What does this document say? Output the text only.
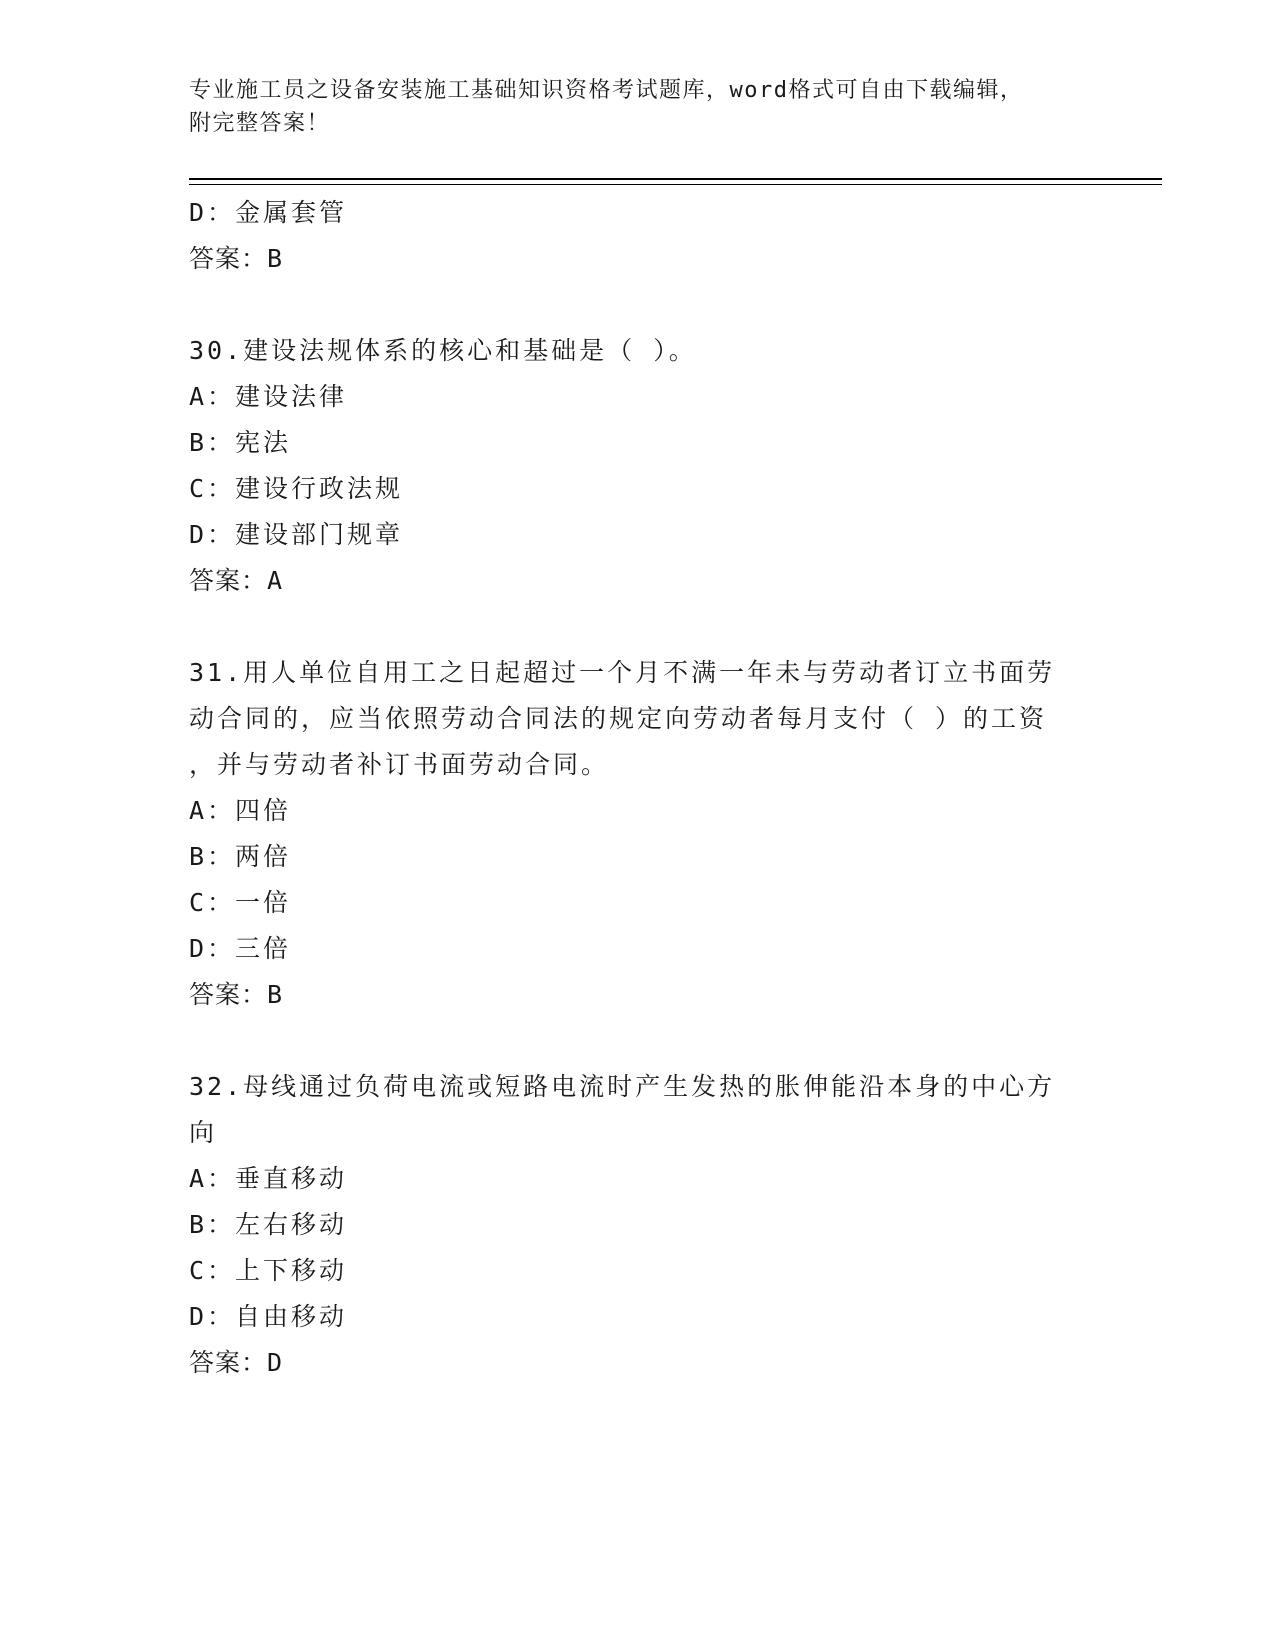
专业施工员之设备安装施工基础知识资格考试题库，word格式可自由下载编辑，
附完整答案！
D：金属套管
答案：B
30.建设法规体系的核心和基础是（ ）。
A：建设法律
B：宪法
C：建设行政法规
D：建设部门规章
答案：A
31.用人单位自用工之日起超过一个月不满一年未与劳动者订立书面劳
动合同的，应当依照劳动合同法的规定向劳动者每月支付（ ）的工资
，并与劳动者补订书面劳动合同。
A：四倍
B：两倍
C：一倍
D：三倍
答案：B
32.母线通过负荷电流或短路电流时产生发热的胀伸能沿本身的中心方
向
A：垂直移动
B：左右移动
C：上下移动
D：自由移动
答案：D
